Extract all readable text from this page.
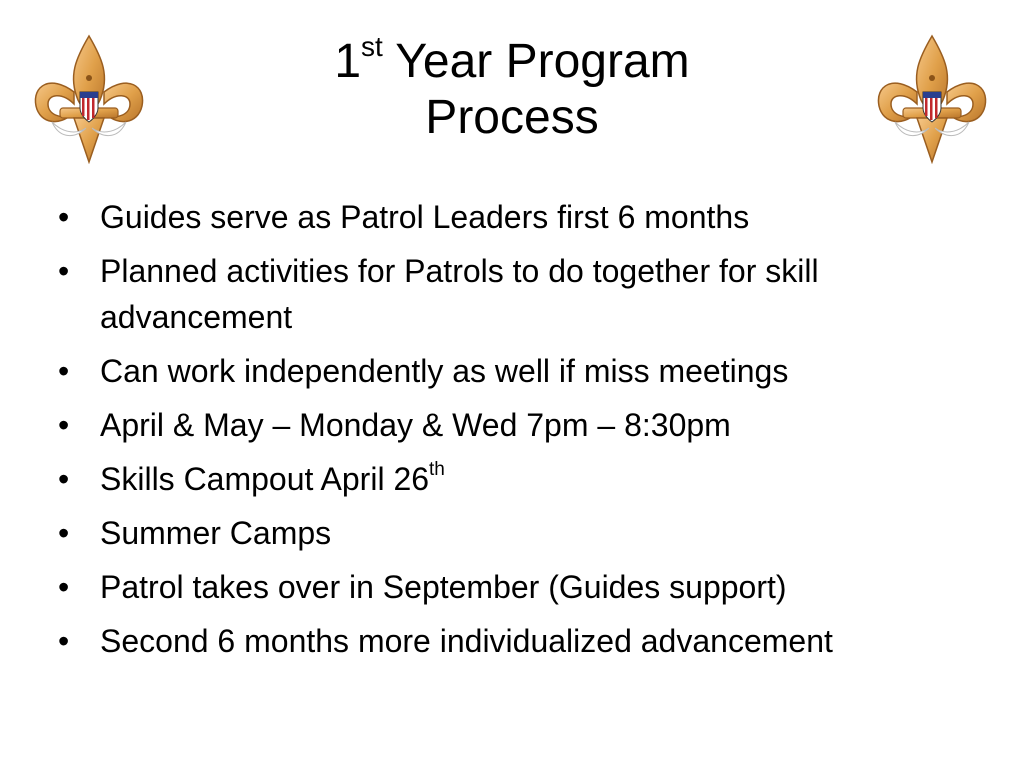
1st Year Program
Process
• Guides serve as Patrol Leaders first 6 months
• Planned activities for Patrols to do together for skill advancement
• Can work independently as well if miss meetings
• April & May – Monday & Wed 7pm – 8:30pm
• Skills Campout April 26th
• Summer Camps
• Patrol takes over in September (Guides support)
• Second 6 months more individualized advancement
